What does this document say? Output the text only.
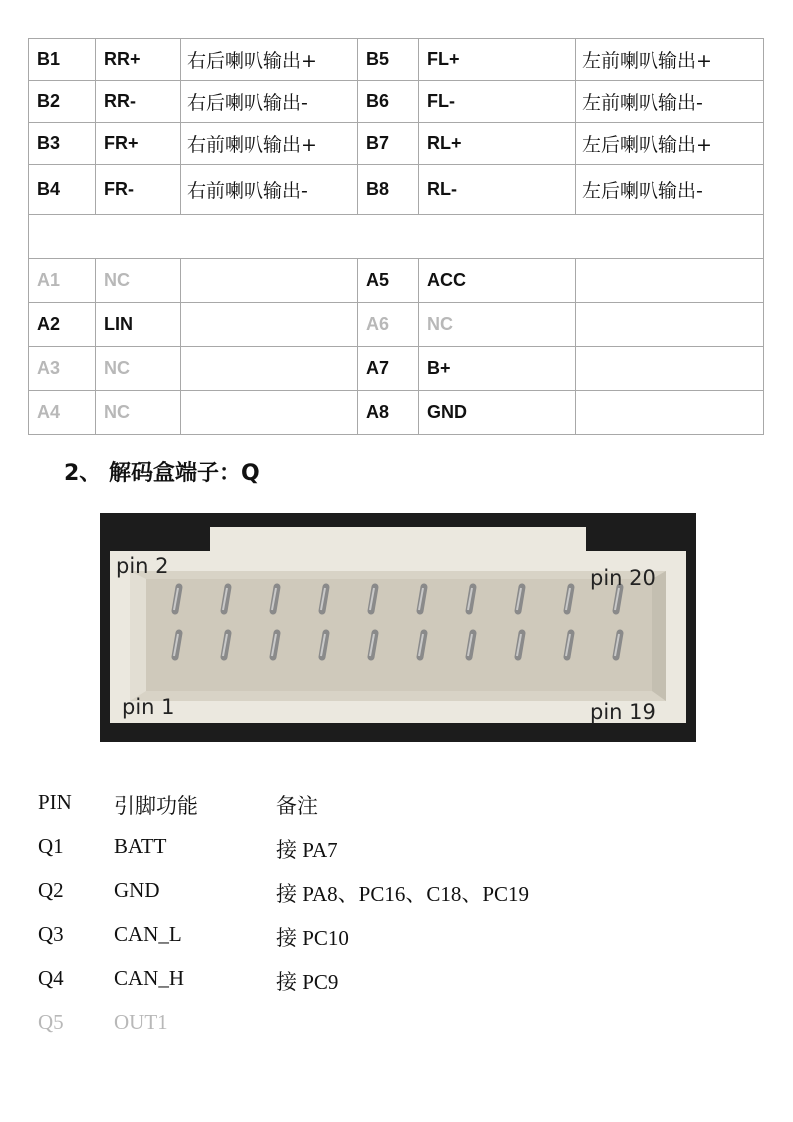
B1	RR+	右后喇叭输出+	B5	FL+	左前喇叭输出+
B2	RR-	右后喇叭输出-	B6	FL-	左前喇叭输出-
B3	FR+	右前喇叭输出+	B7	RL+	左后喇叭输出+
B4	FR-	右前喇叭输出-	B8	RL-	左后喇叭输出-

A1	NC		A5	ACC	
A2	LIN		A6	NC	
A3	NC		A7	B+	
A4	NC		A8	GND	
2、 解码盒端子：Q
pin 2	pin 20
pin 1	pin 19
PIN 引脚功能	备注
Q1 BATT	接 PA7
Q2 GND	接 PA8、PC16、C18、PC19
Q3 CAN_L	接 PC10
Q4 CAN_H	接 PC9
Q5 OUT1
